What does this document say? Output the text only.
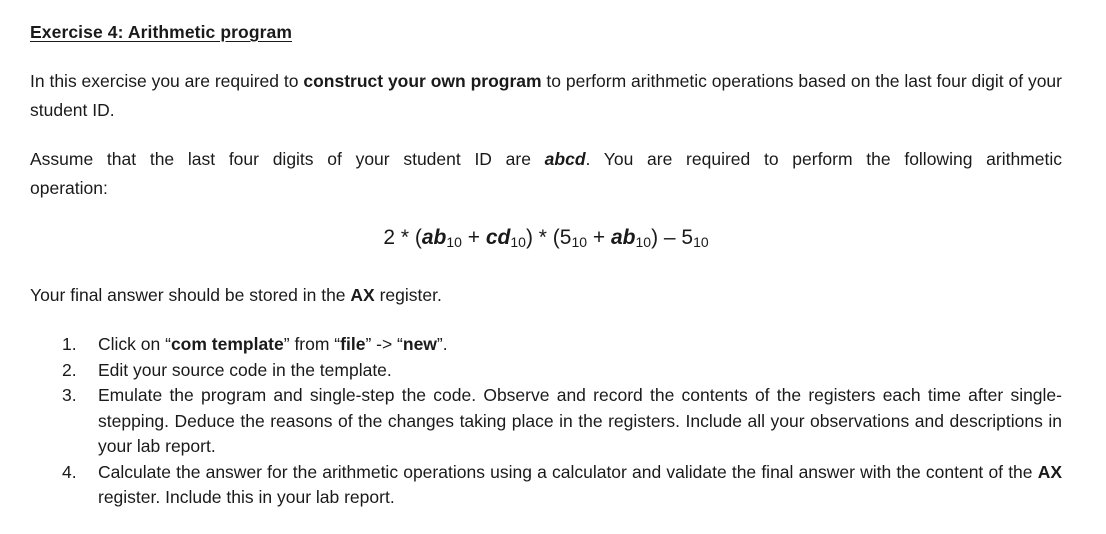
Exercise 4: Arithmetic program
In this exercise you are required to construct your own program to perform arithmetic operations based on the last four digit of your student ID.
Assume that the last four digits of your student ID are abcd. You are required to perform the following arithmetic
operation:
2 * (ab10 + cd10) * (510 + ab10) – 510
Your final answer should be stored in the AX register.
1. Click on “com template” from “file” -> “new”.
2. Edit your source code in the template.
3. Emulate the program and single-step the code. Observe and record the contents of the registers each time after single-stepping. Deduce the reasons of the changes taking place in the registers. Include all your observations and descriptions in your lab report.
4. Calculate the answer for the arithmetic operations using a calculator and validate the final answer with the content of the AX register. Include this in your lab report.
